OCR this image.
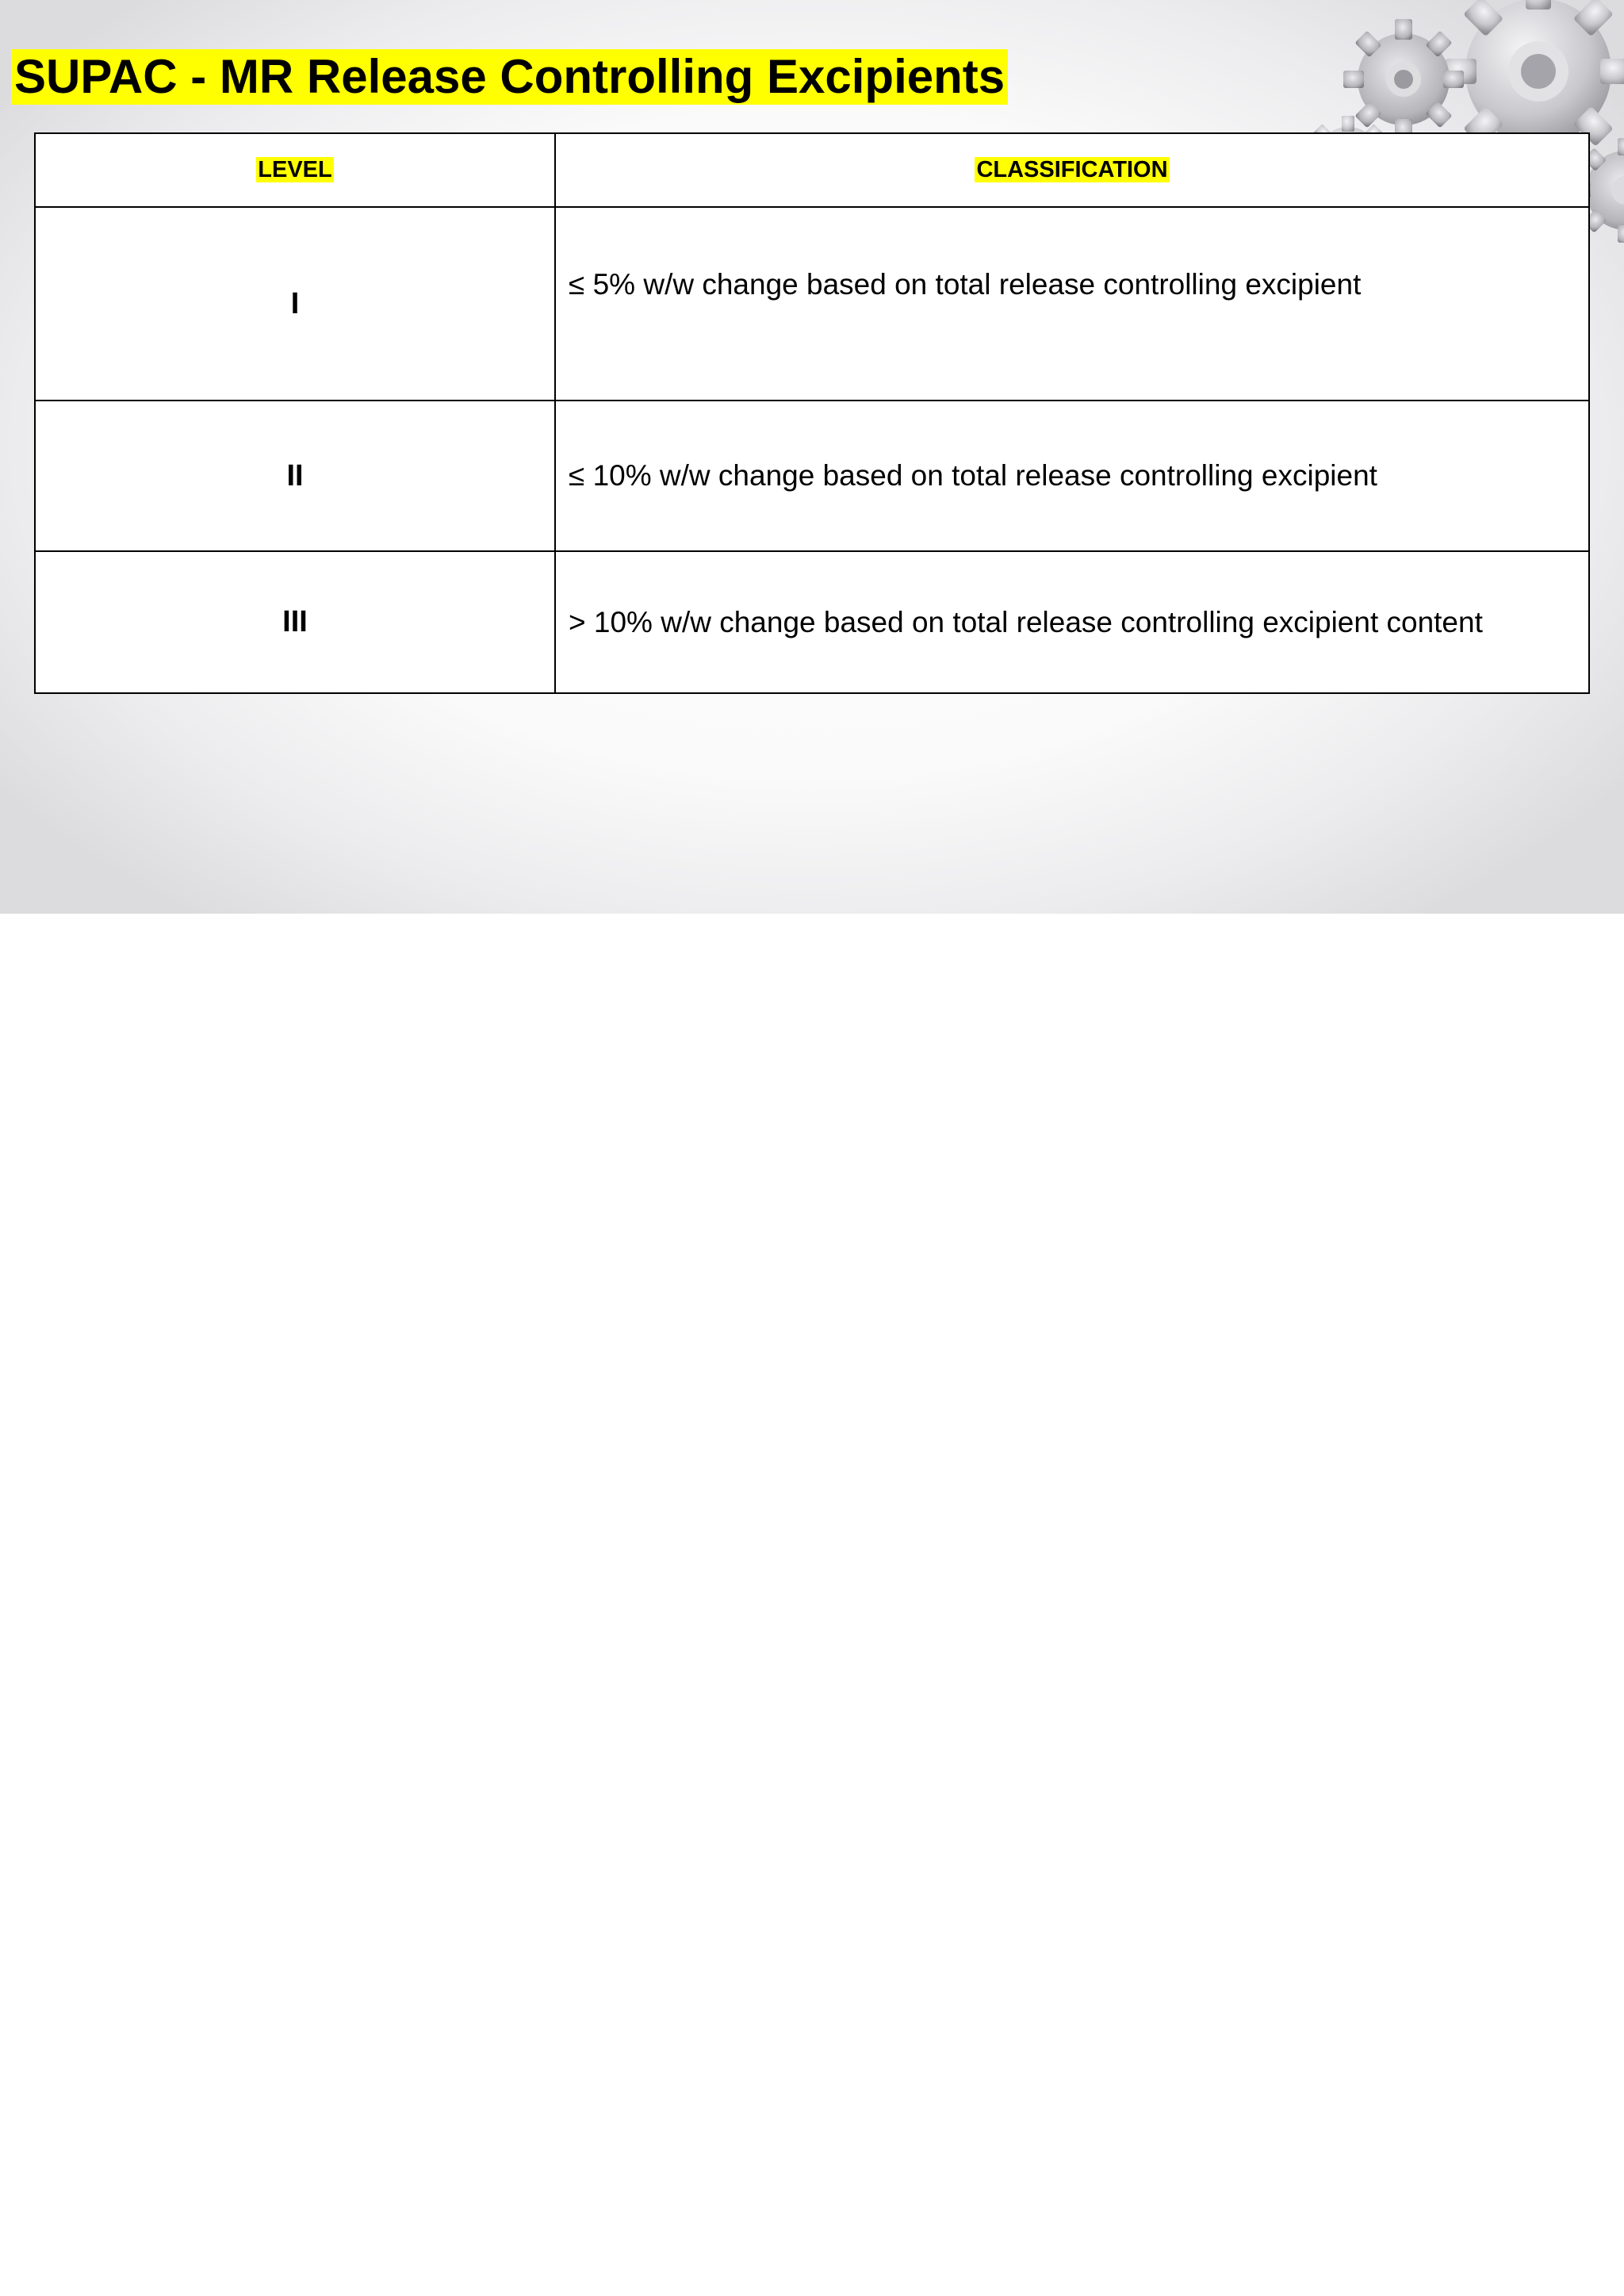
SUPAC - MR Release Controlling Excipients
LEVEL	CLASSIFICATION
I	≤ 5% w/w change based on total release controlling excipient
II	≤ 10% w/w change based on total release controlling excipient
III	> 10% w/w change based on total release controlling excipient content
